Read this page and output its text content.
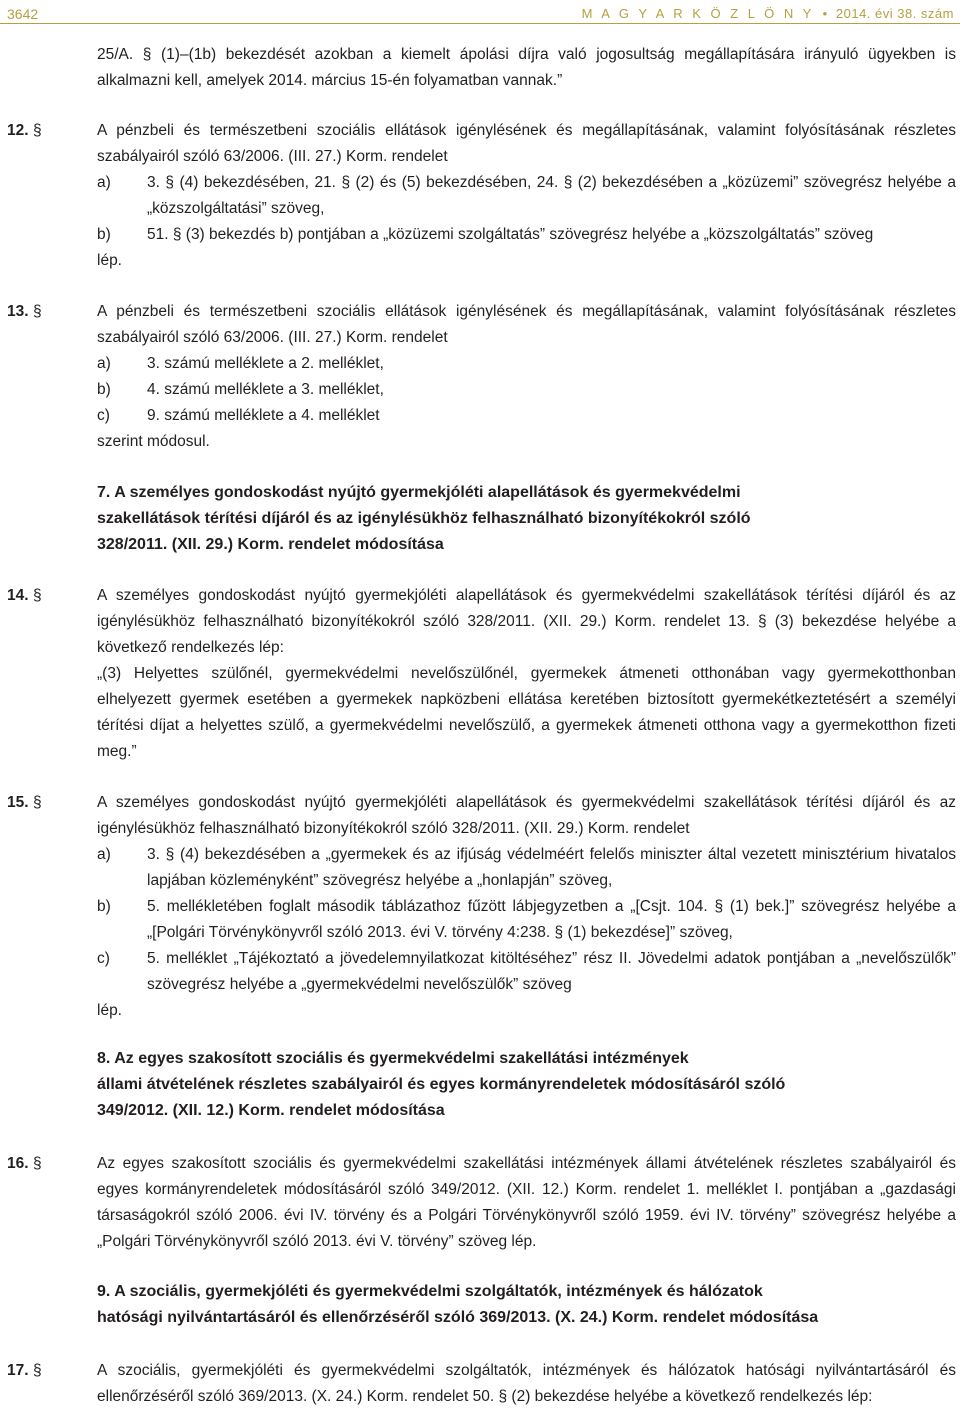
3642	M A G Y A R K Ö Z L Ö N Y • 2014. évi 38. szám

25/A. § (1)–(1b) bekezdését azokban a kiemelt ápolási díjra való jogosultság megállapítására irányuló ügyekben is alkalmazni kell, amelyek 2014. március 15-én folyamatban vannak.”

12. §	A pénzbeli és természetbeni szociális ellátások igénylésének és megállapításának, valamint folyósításának részletes szabályairól szóló 63/2006. (III. 27.) Korm. rendelet
a) 3. § (4) bekezdésében, 21. § (2) és (5) bekezdésében, 24. § (2) bekezdésében a „közüzemi” szövegrész helyébe a „közszolgáltatási” szöveg,
b) 51. § (3) bekezdés b) pontjában a „közüzemi szolgáltatás” szövegrész helyébe a „közszolgáltatás” szöveg
lép.
13. §	A pénzbeli és természetbeni szociális ellátások igénylésének és megállapításának, valamint folyósításának részletes szabályairól szóló 63/2006. (III. 27.) Korm. rendelet
a) 3. számú melléklete a 2. melléklet,
b) 4. számú melléklete a 3. melléklet,
c) 9. számú melléklete a 4. melléklet
szerint módosul.
7. A személyes gondoskodást nyújtó gyermekjóléti alapellátások és gyermekvédelmi
szakellátások térítési díjáról és az igénylésükhöz felhasználható bizonyítékokról szóló
328/2011. (XII. 29.) Korm. rendelet módosítása
14. §	A személyes gondoskodást nyújtó gyermekjóléti alapellátások és gyermekvédelmi szakellátások térítési díjáról és az igénylésükhöz felhasználható bizonyítékokról szóló 328/2011. (XII. 29.) Korm. rendelet 13. § (3) bekezdése helyébe a következő rendelkezés lép:
„(3) Helyettes szülőnél, gyermekvédelmi nevelőszülőnél, gyermekek átmeneti otthonában vagy gyermekotthonban elhelyezett gyermek esetében a gyermekek napközbeni ellátása keretében biztosított gyermekétkeztetésért a személyi térítési díjat a helyettes szülő, a gyermekvédelmi nevelőszülő, a gyermekek átmeneti otthona vagy a gyermekotthon fizeti meg.”
15. §	A személyes gondoskodást nyújtó gyermekjóléti alapellátások és gyermekvédelmi szakellátások térítési díjáról és az igénylésükhöz felhasználható bizonyítékokról szóló 328/2011. (XII. 29.) Korm. rendelet
a) 3. § (4) bekezdésében a „gyermekek és az ifjúság védelméért felelős miniszter által vezetett minisztérium hivatalos lapjában közleményként” szövegrész helyébe a „honlapján” szöveg,
b) 5. mellékletében foglalt második táblázathoz fűzött lábjegyzetben a „[Csjt. 104. § (1) bek.]” szövegrész helyébe a „[Polgári Törvénykönyvről szóló 2013. évi V. törvény 4:238. § (1) bekezdése]” szöveg,
c) 5. melléklet „Tájékoztató a jövedelemnyilatkozat kitöltéséhez” rész II. Jövedelmi adatok pontjában a „nevelőszülők” szövegrész helyébe a „gyermekvédelmi nevelőszülők” szöveg
lép.
8. Az egyes szakosított szociális és gyermekvédelmi szakellátási intézmények
állami átvételének részletes szabályairól és egyes kormányrendeletek módosításáról szóló
349/2012. (XII. 12.) Korm. rendelet módosítása
16. §	Az egyes szakosított szociális és gyermekvédelmi szakellátási intézmények állami átvételének részletes szabályairól és egyes kormányrendeletek módosításáról szóló 349/2012. (XII. 12.) Korm. rendelet 1. melléklet I. pontjában a „gazdasági társaságokról szóló 2006. évi IV. törvény és a Polgári Törvénykönyvről szóló 1959. évi IV. törvény” szövegrész helyébe a „Polgári Törvénykönyvről szóló 2013. évi V. törvény” szöveg lép.
9. A szociális, gyermekjóléti és gyermekvédelmi szolgáltatók, intézmények és hálózatok
hatósági nyilvántartásáról és ellenőrzéséről szóló 369/2013. (X. 24.) Korm. rendelet módosítása
17. §	A szociális, gyermekjóléti és gyermekvédelmi szolgáltatók, intézmények és hálózatok hatósági nyilvántartásáról és ellenőrzéséről szóló 369/2013. (X. 24.) Korm. rendelet 50. § (2) bekezdése helyébe a következő rendelkezés lép:
